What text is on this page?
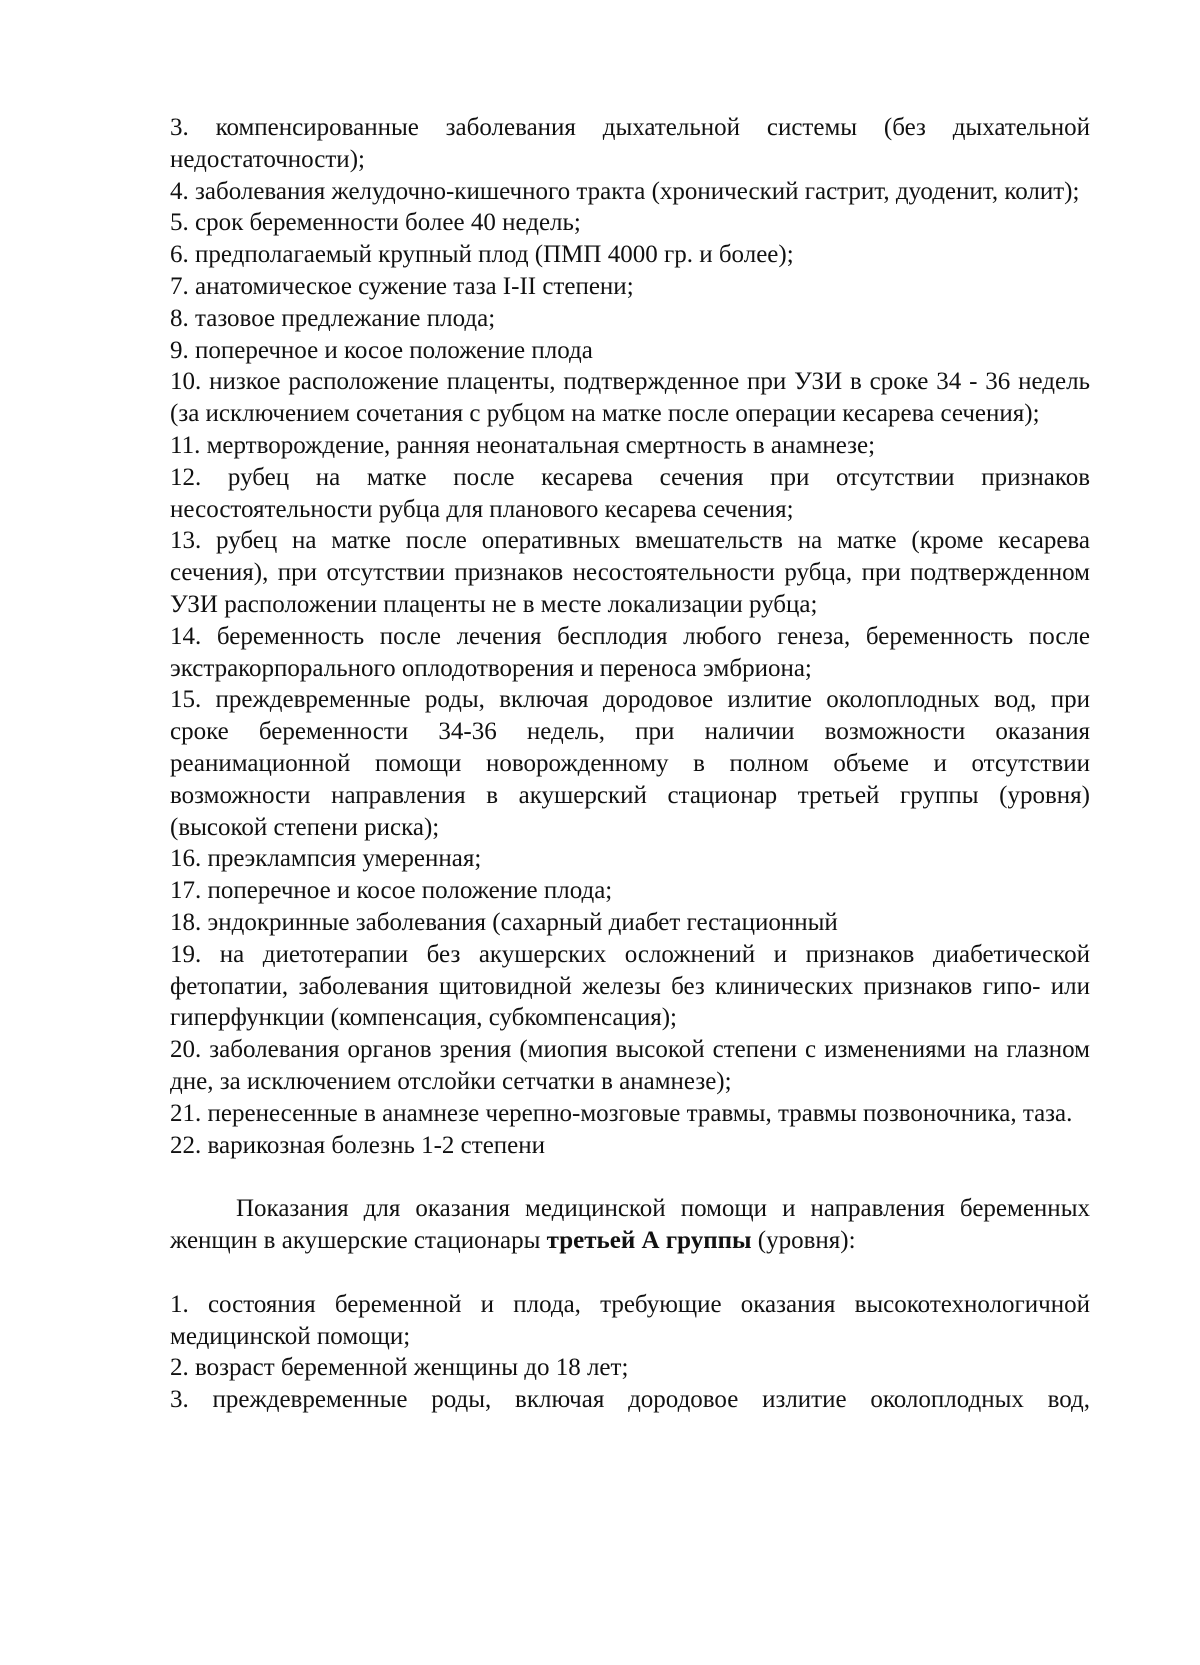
3. компенсированные заболевания дыхательной системы (без дыхательной недостаточности);

4. заболевания желудочно-кишечного тракта (хронический гастрит, дуоденит, колит);

5. срок беременности более 40 недель;

6. предполагаемый крупный плод (ПМП 4000 гр. и более);

7. анатомическое сужение таза I-II степени;

8. тазовое предлежание плода;

9. поперечное и косое положение плода

10. низкое расположение плаценты, подтвержденное при УЗИ в сроке 34 - 36 недель (за исключением сочетания с рубцом на матке после операции кесарева сечения);

11. мертворождение, ранняя неонатальная смертность в анамнезе;

12. рубец на матке после кесарева сечения при отсутствии признаков несостоятельности рубца для планового кесарева сечения;

13. рубец на матке после оперативных вмешательств на матке (кроме кесарева сечения), при отсутствии признаков несостоятельности рубца, при подтвержденном УЗИ расположении плаценты не в месте локализации рубца;

14. беременность после лечения бесплодия любого генеза, беременность после экстракорпорального оплодотворения и переноса эмбриона;

15. преждевременные роды, включая дородовое излитие околоплодных вод, при сроке беременности 34-36 недель, при наличии возможности оказания реанимационной помощи новорожденному в полном объеме и отсутствии возможности направления в акушерский стационар третьей группы (уровня) (высокой степени риска);

16. преэклампсия умеренная;

17. поперечное и косое положение плода;

18. эндокринные заболевания (сахарный диабет гестационный

19. на диетотерапии без акушерских осложнений и признаков диабетической фетопатии, заболевания щитовидной железы без клинических признаков гипо- или гиперфункции (компенсация, субкомпенсация);

20. заболевания органов зрения (миопия высокой степени с изменениями на глазном дне, за исключением отслойки сетчатки в анамнезе);

21. перенесенные в анамнезе черепно-мозговые травмы, травмы позвоночника, таза.

22. варикозная болезнь 1-2 степени

Показания для оказания медицинской помощи и направления беременных женщин в акушерские стационары третьей А группы (уровня):

1. состояния беременной и плода, требующие оказания высокотехнологичной медицинской помощи;

2. возраст беременной женщины до 18 лет;

3. преждевременные роды, включая дородовое излитие околоплодных вод,
